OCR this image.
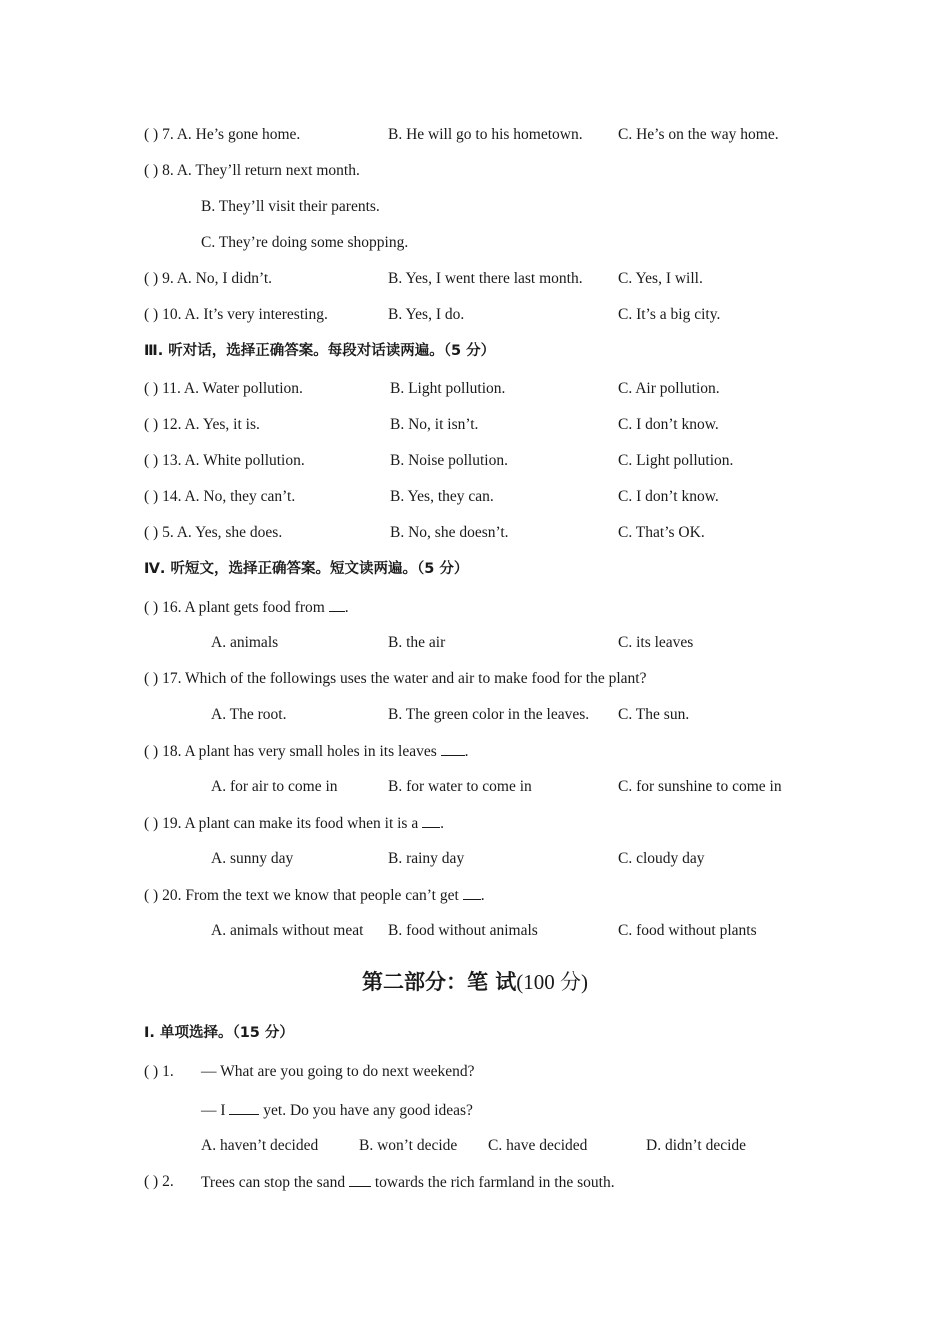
( ) 7. A. He’s gone home.	B. He will go to his hometown. C. He’s on the way home.
( ) 8. A. They’ll return next month.
B. They’ll visit their parents.
C. They’re doing some shopping.
( ) 9. A. No, I didn’t.	B. Yes, I went there last month. C. Yes, I will.
( ) 10. A. It’s very interesting.	B. Yes, I do.	C. It’s a big city.
Ⅲ. 听对话，选择正确答案。每段对话读两遍。（5 分）
( ) 11. A. Water pollution.	B. Light pollution.	C. Air pollution.
( ) 12. A. Yes, it is.	B. No, it isn’t.	C. I don’t know.
( ) 13. A. White pollution.	B. Noise pollution.	C. Light pollution.
( ) 14. A. No, they can’t.	B. Yes, they can.	C. I don’t know.
( ) 5. A. Yes, she does.	B. No, she doesn’t.	C. That’s OK.
Ⅳ. 听短文，选择正确答案。短文读两遍。（5 分）
( ) 16. A plant gets food from .
A. animals	B. the air	C. its leaves
( ) 17. Which of the followings uses the water and air to make food for the plant?
A. The root.	B. The green color in the leaves. C. The sun.
( ) 18. A plant has very small holes in its leaves .
A. for air to come in	B. for water to come in	C. for sunshine to come in
( ) 19. A plant can make its food when it is a .
A. sunny day	B. rainy day	C. cloudy day
( ) 20. From the text we know that people can’t get .
A. animals without meat B. food without animals	C. food without plants
第二部分：笔 试(100 分)
Ⅰ. 单项选择。（15 分）
( ) 1. — What are you going to do next weekend?
— I yet. Do you have any good ideas?
A. haven’t decided	B. won’t decide C. have decided	D. didn’t decide
( ) 2. Trees can stop the sand towards the rich farmland in the south.
